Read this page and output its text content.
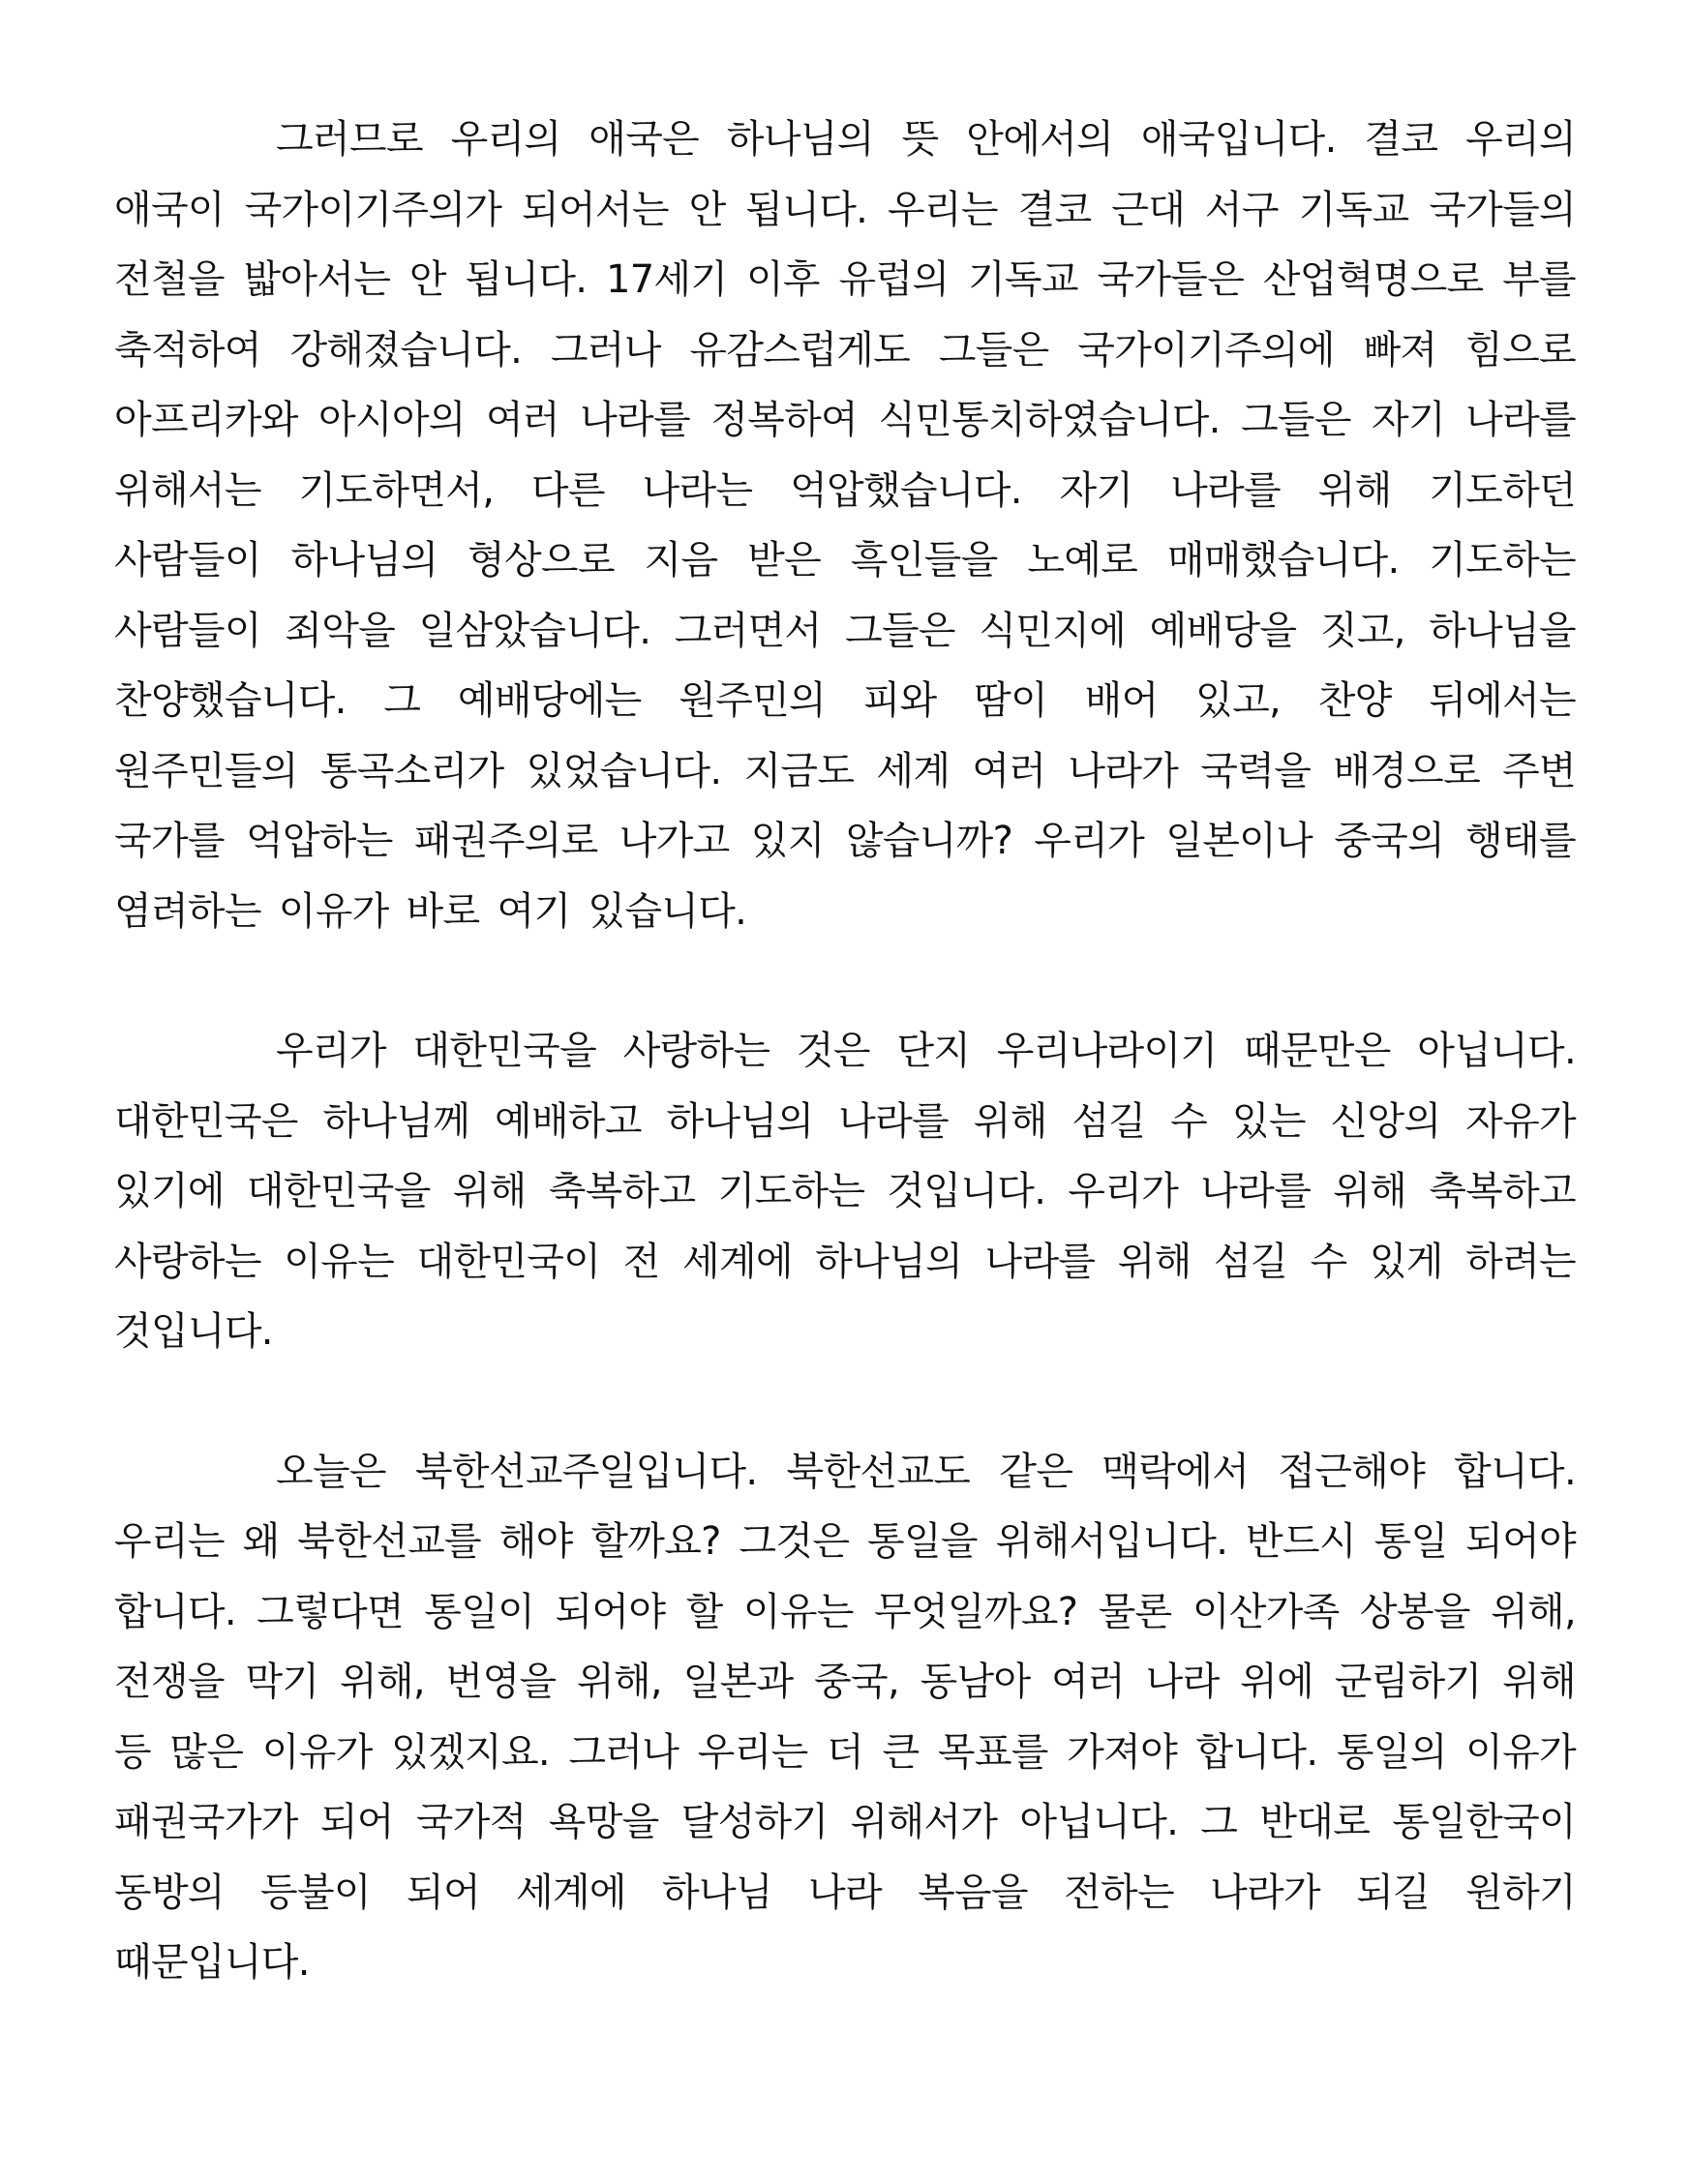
그러므로 우리의 애국은 하나님의 뜻 안에서의 애국입니다. 결코 우리의 애국이 국가이기주의가 되어서는 안 됩니다. 우리는 결코 근대 서구 기독교 국가들의 전철을 밟아서는 안 됩니다. 17세기 이후 유럽의 기독교 국가들은 산업혁명으로 부를 축적하여 강해졌습니다. 그러나 유감스럽게도 그들은 국가이기주의에 빠져 힘으로 아프리카와 아시아의 여러 나라를 정복하여 식민통치하였습니다. 그들은 자기 나라를 위해서는 기도하면서, 다른 나라는 억압했습니다. 자기 나라를 위해 기도하던 사람들이 하나님의 형상으로 지음 받은 흑인들을 노예로 매매했습니다. 기도하는 사람들이 죄악을 일삼았습니다. 그러면서 그들은 식민지에 예배당을 짓고, 하나님을 찬양했습니다. 그 예배당에는 원주민의 피와 땀이 배어 있고, 찬양 뒤에서는 원주민들의 통곡소리가 있었습니다. 지금도 세계 여러 나라가 국력을 배경으로 주변 국가를 억압하는 패권주의로 나가고 있지 않습니까? 우리가 일본이나 중국의 행태를 염려하는 이유가 바로 여기 있습니다.

우리가 대한민국을 사랑하는 것은 단지 우리나라이기 때문만은 아닙니다. 대한민국은 하나님께 예배하고 하나님의 나라를 위해 섬길 수 있는 신앙의 자유가 있기에 대한민국을 위해 축복하고 기도하는 것입니다. 우리가 나라를 위해 축복하고 사랑하는 이유는 대한민국이 전 세계에 하나님의 나라를 위해 섬길 수 있게 하려는 것입니다.

오늘은 북한선교주일입니다. 북한선교도 같은 맥락에서 접근해야 합니다. 우리는 왜 북한선교를 해야 할까요? 그것은 통일을 위해서입니다. 반드시 통일 되어야 합니다. 그렇다면 통일이 되어야 할 이유는 무엇일까요? 물론 이산가족 상봉을 위해, 전쟁을 막기 위해, 번영을 위해, 일본과 중국, 동남아 여러 나라 위에 군림하기 위해 등 많은 이유가 있겠지요. 그러나 우리는 더 큰 목표를 가져야 합니다. 통일의 이유가 패권국가가 되어 국가적 욕망을 달성하기 위해서가 아닙니다. 그 반대로 통일한국이 동방의 등불이 되어 세계에 하나님 나라 복음을 전하는 나라가 되길 원하기 때문입니다.
